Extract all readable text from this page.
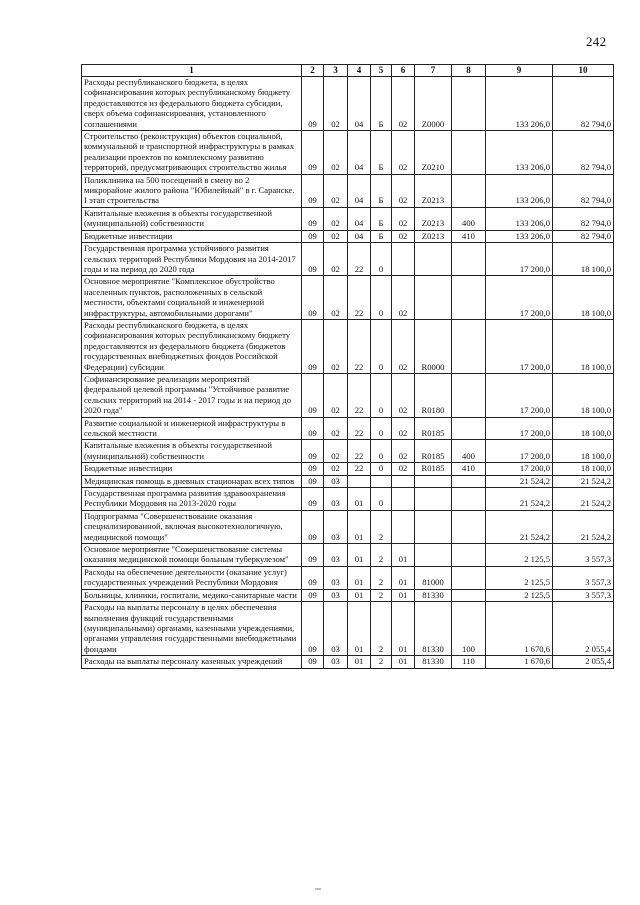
242
1	2	3	4	5	6	7	8	9	10
Расходы республиканского бюджета, в целях софинансирования которых республиканскому бюджету предоставляются из федерального бюджета субсидии, сверх объема софинансирования, установленного соглашениями	09	02	04	Б	02	Z0000		133 206,0	82 794,0
Строительство (реконструкция) объектов социальной, коммунальной и транспортной инфраструктуры в рамках реализации проектов по комплексному развитию территорий, предусматривающих строительство жилья	09	02	04	Б	02	Z0210		133 206,0	82 794,0
Поликлиника на 500 посещений в смену во 2 микрорайоне жилого района "Юбилейный" в г. Саранске. I этап строительства	09	02	04	Б	02	Z0213		133 206,0	82 794,0
Капитальные вложения в объекты государственной (муниципальной) собственности	09	02	04	Б	02	Z0213	400	133 206,0	82 794,0
Бюджетные инвестиции	09	02	04	Б	02	Z0213	410	133 206,0	82 794,0
Государственная программа устойчивого развития сельских территорий Республики Мордовия на 2014-2017 годы и на период до 2020 года	09	02	22	0				17 200,0	18 100,0
Основное мероприятие "Комплексное обустройство населенных пунктов, расположенных в сельской местности, объектами социальной и инженерной инфраструктуры, автомобильными дорогами"	09	02	22	0	02			17 200,0	18 100,0
Расходы республиканского бюджета, в целях софинансирования которых республиканскому бюджету предоставляются из федерального бюджета (бюджетов государственных внебюджетных фондов Российской Федерации) субсидии	09	02	22	0	02	R0000		17 200,0	18 100,0
Софинансирование реализации мероприятий федеральной целевой программы "Устойчивое развитие сельских территорий на 2014 - 2017 годы и на период до 2020 года"	09	02	22	0	02	R0180		17 200,0	18 100,0
Развитие социальной и инженерной инфраструктуры в сельской местности	09	02	22	0	02	R0185		17 200,0	18 100,0
Капитальные вложения в объекты государственной (муниципальной) собственности	09	02	22	0	02	R0185	400	17 200,0	18 100,0
Бюджетные инвестиции	09	02	22	0	02	R0185	410	17 200,0	18 100,0
Медицинская помощь в дневных стационарах всех типов	09	03						21 524,2	21 524,2
Государственная программа развития здравоохранения Республики Мордовия на 2013-2020 годы	09	03	01	0				21 524,2	21 524,2
Подпрограмма "Совершенствование оказания специализированной, включая высокотехнологичную, медицинской помощи"	09	03	01	2				21 524,2	21 524,2
Основное мероприятие "Совершенствование системы оказания медицинской помощи больным туберкулезом"	09	03	01	2	01			2 125,5	3 557,3
Расходы на обеспечение деятельности (оказание услуг) государственных учреждений Республики Мордовия	09	03	01	2	01	81000		2 125,5	3 557,3
Больницы, клиники, госпитали, медико-санитарные части	09	03	01	2	01	81330		2 125,5	3 557,3
Расходы на выплаты персоналу в целях обеспечения выполнения функций государственными (муниципальными) органами, казенными учреждениями, органами управления государственными внебюджетными фондами	09	03	01	2	01	81330	100	1 670,6	2 055,4
Расходы на выплаты персоналу казенных учреждений	09	03	01	2	01	81330	110	1 670,6	2 055,4
